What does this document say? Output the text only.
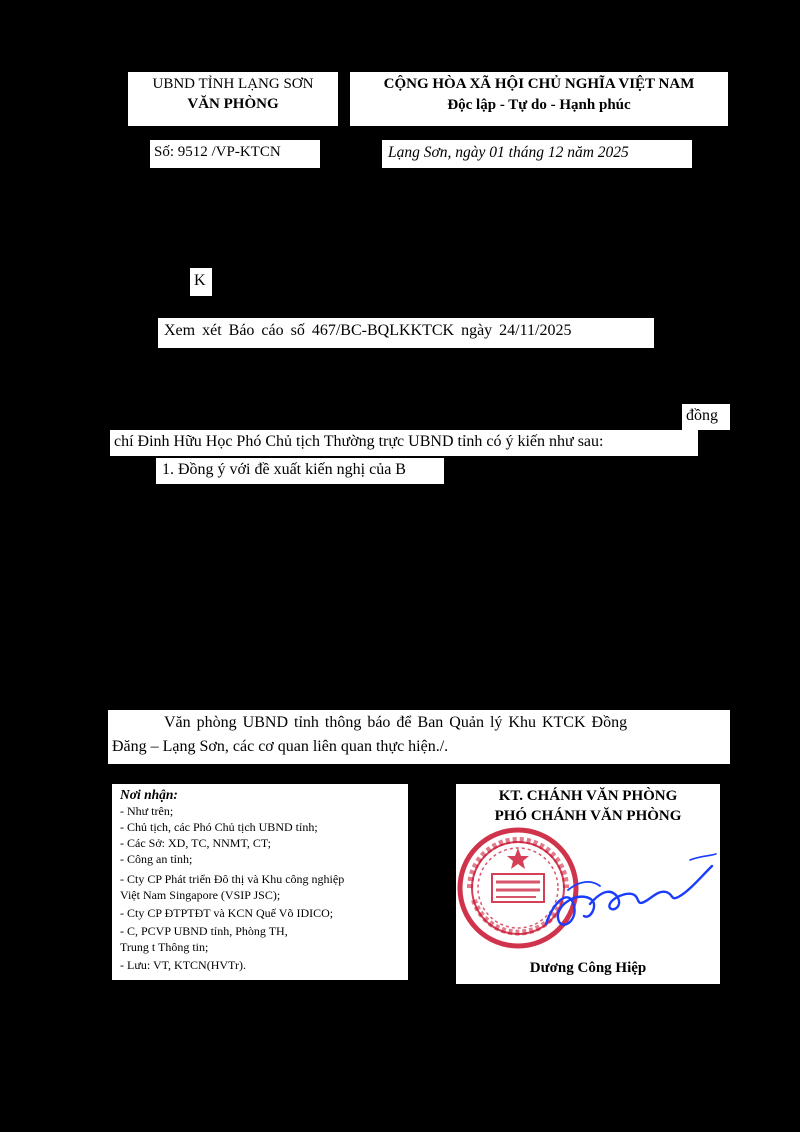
UBND TỈNH LẠNG SƠN
VĂN PHÒNG
Số: 9512 /VP-KTCN
CỘNG HÒA XÃ HỘI CHỦ NGHĨA VIỆT NAM
Độc lập - Tự do - Hạnh phúc
Lạng Sơn, ngày 01 tháng 12 năm 2025
K
Xem xét Báo cáo số 467/BC-BQLKKTCK ngày 24/11/2025
đồng
chí Đinh Hữu Học Phó Chủ tịch Thường trực UBND tỉnh có ý kiến như sau:
1. Đồng ý với đề xuất kiến nghị của B
Văn phòng UBND tỉnh thông báo để Ban Quản lý Khu KTCK Đồng
Đăng – Lạng Sơn, các cơ quan liên quan thực hiện./.
Nơi nhận:
- Như trên;
- Chủ tịch, các Phó Chủ tịch UBND tỉnh;
- Các Sở: XD, TC, NNMT, CT;
- Công an tỉnh;
- Cty CP Phát triển Đô thị và Khu công nghiệp
Việt Nam Singapore (VSIP JSC);
- Cty CP ĐTPTĐT và KCN Quế Võ IDICO;
- C, PCVP UBND tỉnh, Phòng TH,
Trung t Thông tin;
- Lưu: VT, KTCN(HVTr).
KT. CHÁNH VĂN PHÒNG
PHÓ CHÁNH VĂN PHÒNG
Dương Công Hiệp
